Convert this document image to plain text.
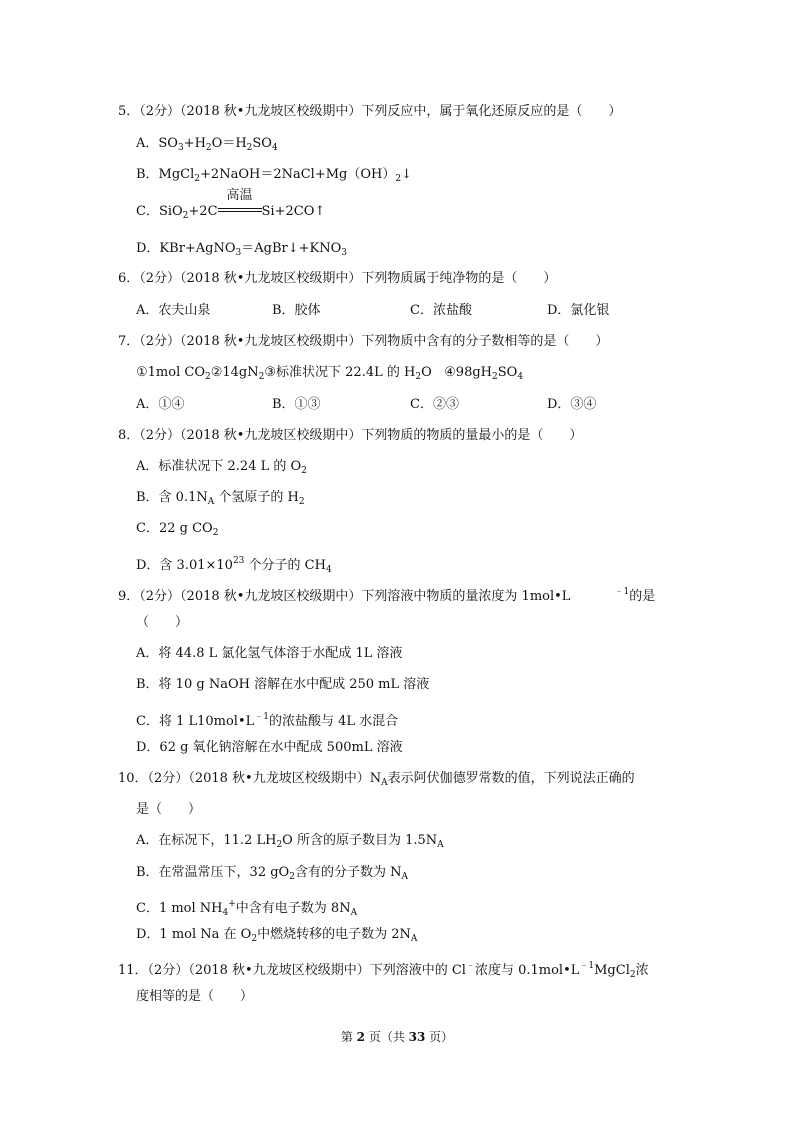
5．（2分）（2018 秋•九龙坡区校级期中）下列反应中，属于氧化还原反应的是（　　）
A．$SO_3+H_2O=H_2SO_4$
B．$MgCl_2+2NaOH=2NaCl+Mg(OH)_2↓$
C．SiO$_2$+2C
高温
Si+2CO↑
D．$KBr+AgNO_3=AgBr↓+KNO_3$
6．（2分）（2018 秋•九龙坡区校级期中）下列物质属于纯净物的是（　　）
A．农夫山泉	B．胶体	C．浓盐酸	D．氯化银
7．（2分）（2018 秋•九龙坡区校级期中）下列物质中含有的分子数相等的是（　　）
①1mol $CO_2②14gN_2③$标准状况下 22.4L 的 $H_2O$ $④98gH_2SO_4$
A．①④	B．①③	C．②③	D．③④
8．（2分）（2018 秋•九龙坡区校级期中）下列物质的物质的量最小的是（　　）
A．标准状况下 2.24 L 的 $O_2$
B．含 $0.1N_A$ 个氢原子的 $H_2$
C．22 g $CO_2$
D．含 $3.01\times 10^{23}$ 个分子的 $CH_4$
9．（2分）（2018 秋•九龙坡区校级期中）下列溶液中物质的量浓度为 1mol•L	$^{﹣1}$的是
（　　）
A．将 44.8 L 氯化氢气体溶于水配成 1L 溶液
B．将 10 g NaOH 溶解在水中配成 250 mL 溶液
C．将 1 $L10mol•L^{﹣1}$的浓盐酸与 4L 水混合
D．62 g 氧化钠溶解在水中配成 500mL 溶液
10．（2分）（2018 秋•九龙坡区校级期中）$N_A$表示阿伏伽德罗常数的值，下列说法正确的
是（　　）
A．在标况下，11.2 $LH_2O$ 所含的原子数目为 $1.5N_A$
B．在常温常压下，32 $gO_2$含有的分子数为 $N_A$
C．1 mol $NH_4^+$中含有电子数为 $8N_A$
D．1 mol Na 在 $O_2$中燃烧转移的电子数为 $2N_A$
11．（2分）（2018 秋•九龙坡区校级期中）下列溶液中的 Cl﹣浓度与 $0.1mol•L^{﹣1}MgCl_2$浓
度相等的是（　　）
第 2 页（共 33 页）
